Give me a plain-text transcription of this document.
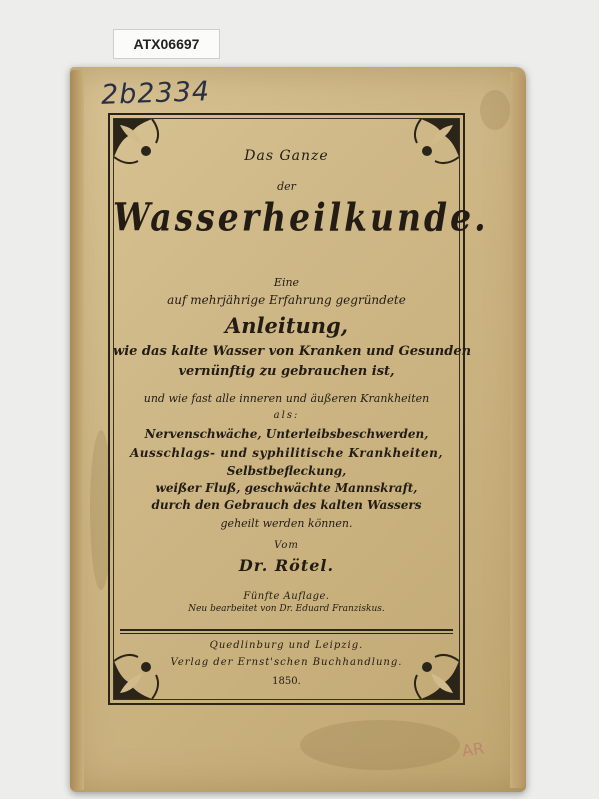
ATX06697
2b2334
Das Ganze
der
Wasserheilkunde.
Eine
auf mehrjährige Erfahrung gegründete
Anleitung,
wie das kalte Wasser von Kranken und Gesunden
vernünftig zu gebrauchen ist,
und wie fast alle inneren und äußeren Krankheiten
als:
Nervenschwäche, Unterleibsbeschwerden,
Ausschlags- und syphilitische Krankheiten,
Selbstbefleckung,
weißer Fluß, geschwächte Mannskraft,
durch den Gebrauch des kalten Wassers
geheilt werden können.
Vom
Dr. Rötel.
Fünfte Auflage.
Neu bearbeitet von Dr. Eduard Franziskus.
Quedlinburg und Leipzig.
Verlag der Ernst'schen Buchhandlung.
1850.
AR
